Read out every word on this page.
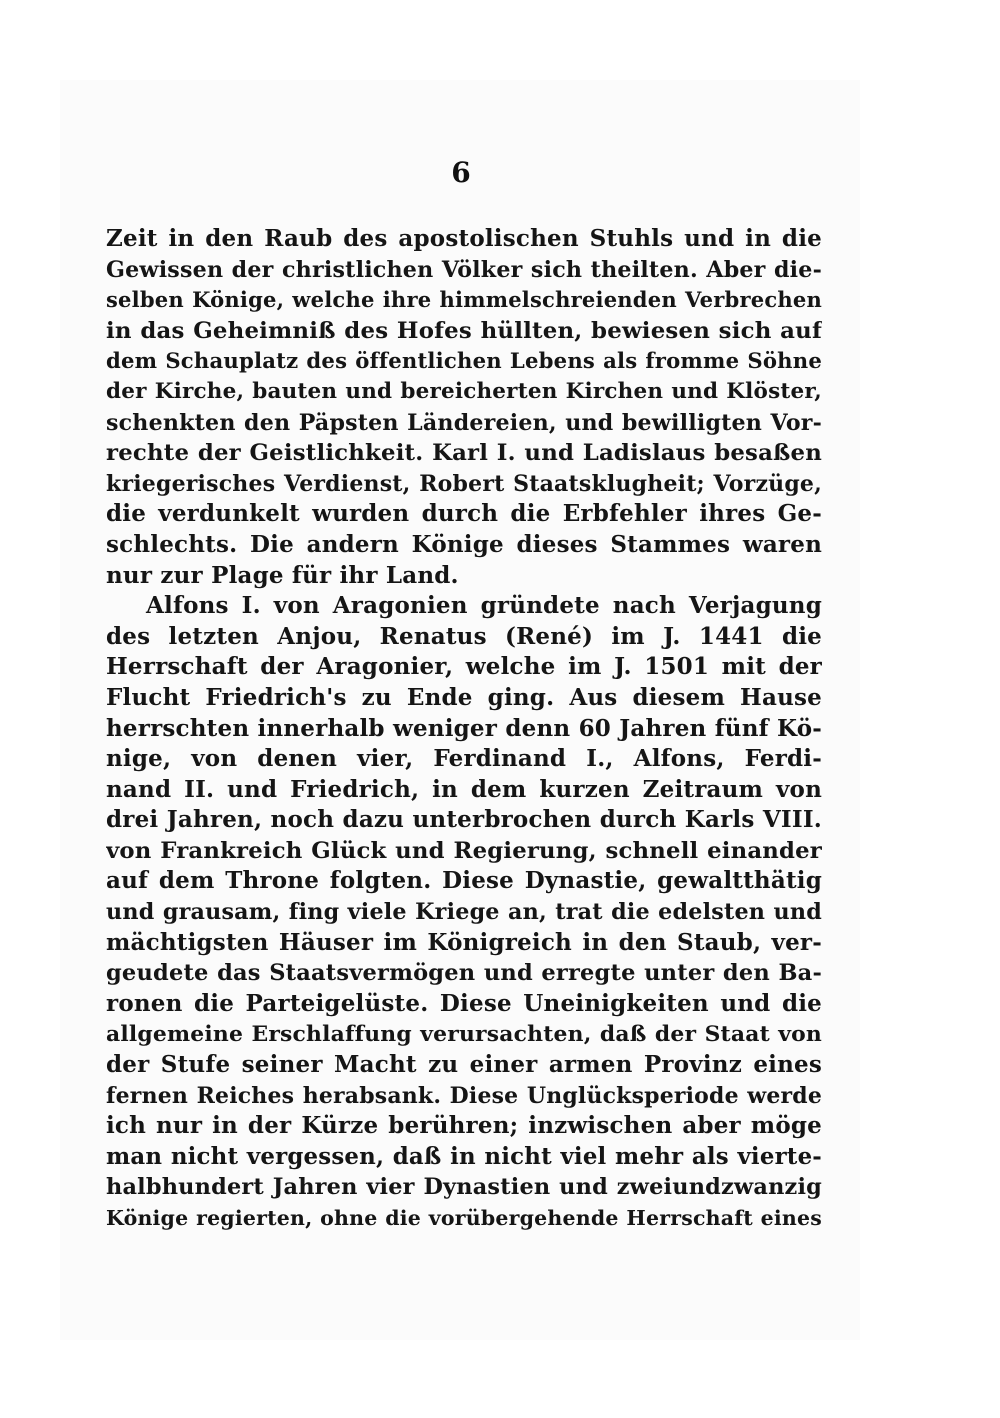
6
Zeit in den Raub des apostolischen Stuhls und in die
Gewissen der christlichen Völker sich theilten. Aber die-
selben Könige, welche ihre himmelschreienden Verbrechen
in das Geheimniß des Hofes hüllten, bewiesen sich auf
dem Schauplatz des öffentlichen Lebens als fromme Söhne
der Kirche, bauten und bereicherten Kirchen und Klöster,
schenkten den Päpsten Ländereien, und bewilligten Vor-
rechte der Geistlichkeit. Karl I. und Ladislaus besaßen
kriegerisches Verdienst, Robert Staatsklugheit; Vorzüge,
die verdunkelt wurden durch die Erbfehler ihres Ge-
schlechts. Die andern Könige dieses Stammes waren
nur zur Plage für ihr Land.
Alfons I. von Aragonien gründete nach Verjagung
des letzten Anjou, Renatus (René) im J. 1441 die
Herrschaft der Aragonier, welche im J. 1501 mit der
Flucht Friedrich's zu Ende ging. Aus diesem Hause
herrschten innerhalb weniger denn 60 Jahren fünf Kö-
nige, von denen vier, Ferdinand I., Alfons, Ferdi-
nand II. und Friedrich, in dem kurzen Zeitraum von
drei Jahren, noch dazu unterbrochen durch Karls VIII.
von Frankreich Glück und Regierung, schnell einander
auf dem Throne folgten. Diese Dynastie, gewaltthätig
und grausam, fing viele Kriege an, trat die edelsten und
mächtigsten Häuser im Königreich in den Staub, ver-
geudete das Staatsvermögen und erregte unter den Ba-
ronen die Parteigelüste. Diese Uneinigkeiten und die
allgemeine Erschlaffung verursachten, daß der Staat von
der Stufe seiner Macht zu einer armen Provinz eines
fernen Reiches herabsank. Diese Unglücksperiode werde
ich nur in der Kürze berühren; inzwischen aber möge
man nicht vergessen, daß in nicht viel mehr als vierte-
halbhundert Jahren vier Dynastien und zweiundzwanzig
Könige regierten, ohne die vorübergehende Herrschaft eines
